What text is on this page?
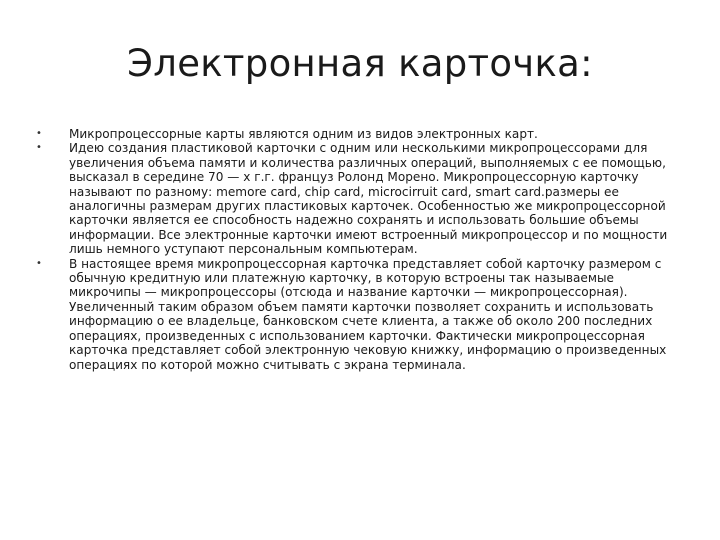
Электронная карточка:
•	Микропроцессорные карты являются одним из видов электронных карт.
•	Идею создания пластиковой карточки с одним или несколькими микропроцессорами для увеличения объема памяти и количества различных операций, выполняемых с ее помощью, высказал в середине 70 — х г.г. француз Ролонд Морено. Микропроцессорную карточку называют по разному: memore card, chip card, microcirruit card, smart card.размеры ее аналогичны размерам других пластиковых карточек. Особенностью же микропроцессорной карточки является ее способность надежно сохранять и использовать большие объемы информации. Все электронные карточки имеют встроенный микропроцессор и по мощности лишь немного уступают персональным компьютерам.
•	В настоящее время микропроцессорная карточка представляет собой карточку размером с обычную кредитную или платежную карточку, в которую встроены так называемые микрочипы — микропроцессоры (отсюда и название карточки — микропроцессорная). Увеличенный таким образом объем памяти карточки позволяет сохранить и использовать информацию о ее владельце, банковском счете клиента, а также об около 200 последних операциях, произведенных с использованием карточки. Фактически микропроцессорная карточка представляет собой электронную чековую книжку, информацию о произведенных операциях по которой можно считывать с экрана терминала.
